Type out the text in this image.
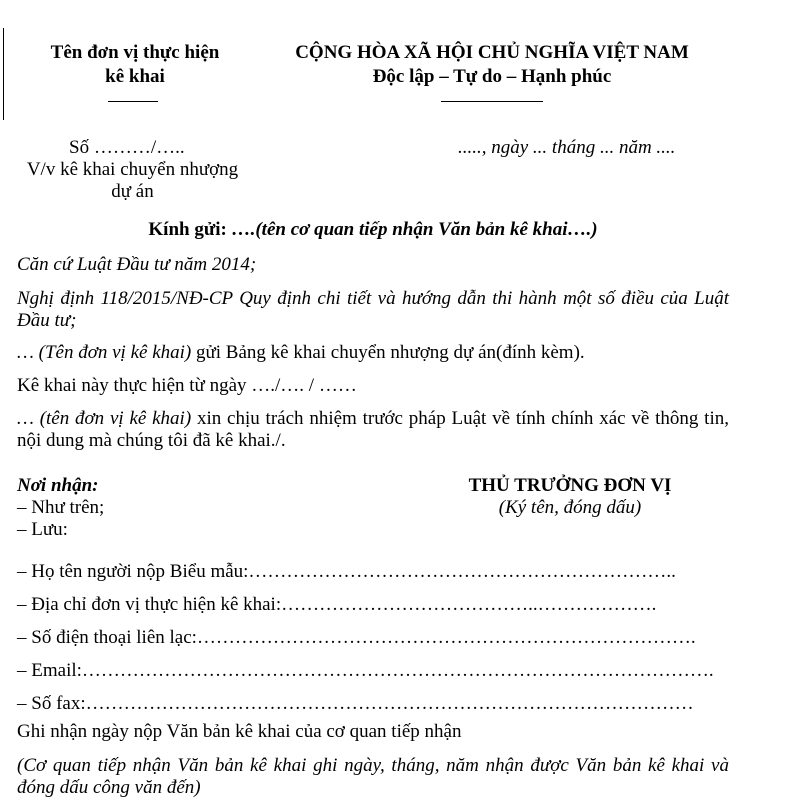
Tên đơn vị thực hiện
kê khai
CỘNG HÒA XÃ HỘI CHỦ NGHĨA VIỆT NAM
Độc lập – Tự do – Hạnh phúc
Số ………/…..
V/v kê khai chuyển nhượng
dự án
....., ngày ... tháng ... năm ....
Kính gửi: ….(tên cơ quan tiếp nhận Văn bản kê khai….)
Căn cứ Luật Đầu tư năm 2014;
Nghị định 118/2015/NĐ-CP Quy định chi tiết và hướng dẫn thi hành một số điều của Luật Đầu tư;
… (Tên đơn vị kê khai) gửi Bảng kê khai chuyển nhượng dự án(đính kèm).
Kê khai này thực hiện từ ngày …./…. / ……
… (tên đơn vị kê khai) xin chịu trách nhiệm trước pháp Luật về tính chính xác về thông tin, nội dung mà chúng tôi đã kê khai./.
Nơi nhận:
– Như trên;
– Lưu:
THỦ TRƯỞNG ĐƠN VỊ
(Ký tên, đóng dấu)
– Họ tên người nộp Biểu mẫu:…………………………………………………………..
– Địa chỉ đơn vị thực hiện kê khai:…………………………………..……………….
– Số điện thoại liên lạc:…………………………………………………………………….
– Email:……………………………………………………………………………………….
– Số fax:……………………………………………………………………………………
Ghi nhận ngày nộp Văn bản kê khai của cơ quan tiếp nhận
(Cơ quan tiếp nhận Văn bản kê khai ghi ngày, tháng, năm nhận được Văn bản kê khai và đóng dấu công văn đến)
